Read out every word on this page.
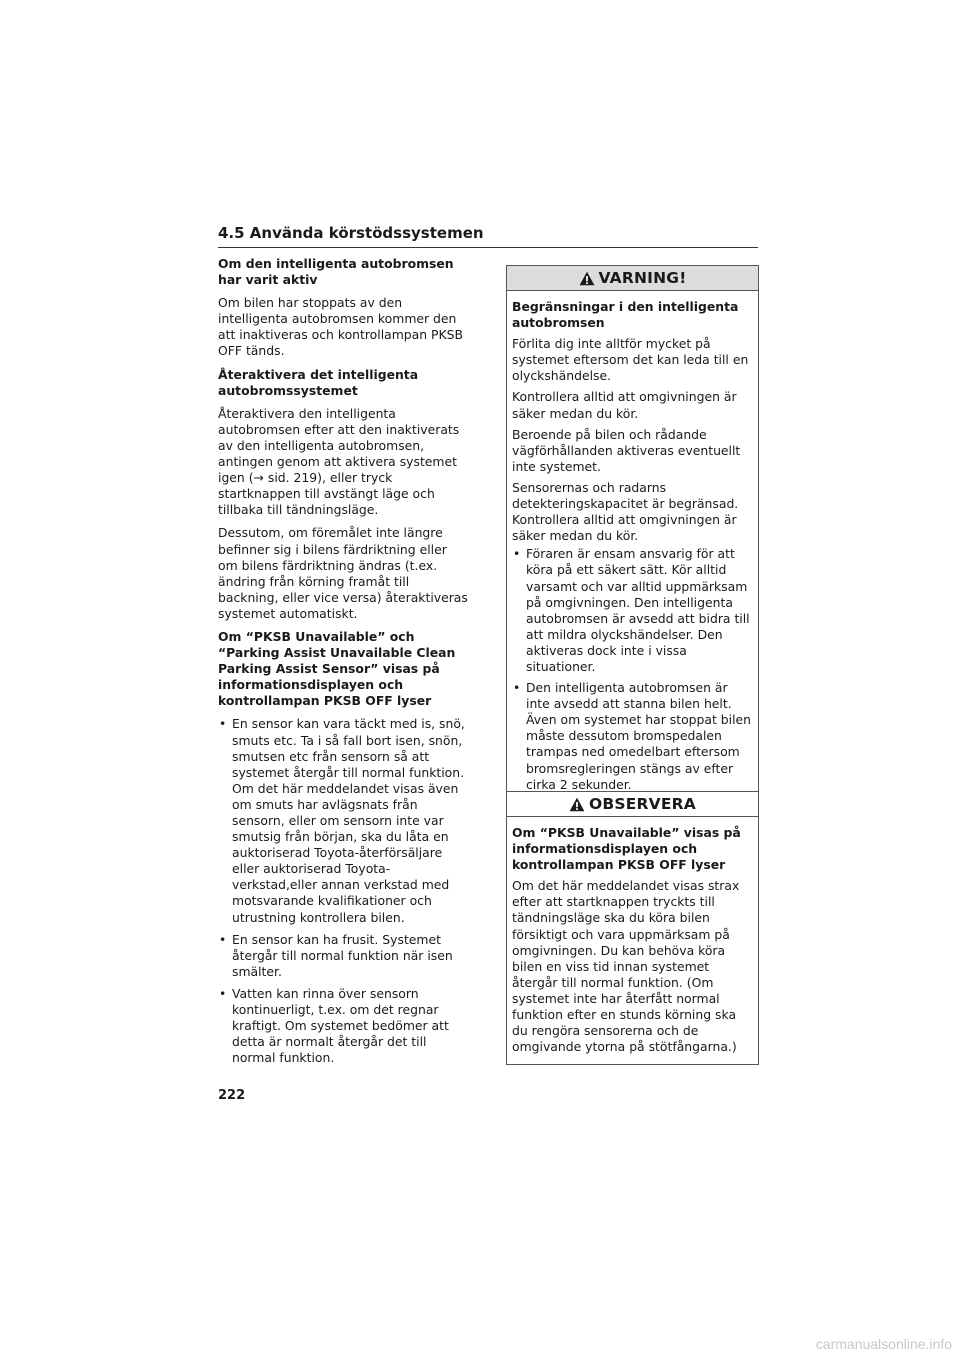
4.5 Använda körstödssystemen
Om den intelligenta autobromsen har varit aktiv

Om bilen har stoppats av den intelligenta autobromsen kommer den att inaktiveras och kontrollampan PKSB OFF tänds.

Återaktivera det intelligenta autobromssystemet

Återaktivera den intelligenta autobromsen efter att den inaktiverats av den intelligenta autobromsen, antingen genom att aktivera systemet igen (→ sid. 219), eller tryck startknappen till avstängt läge och tillbaka till tändningsläge.

Dessutom, om föremålet inte längre befinner sig i bilens färdriktning eller om bilens färdriktning ändras (t.ex. ändring från körning framåt till backning, eller vice versa) återaktiveras systemet automatiskt.

Om “PKSB Unavailable” och “Parking Assist Unavailable Clean Parking Assist Sensor” visas på informationsdisplayen och kontrollampan PKSB OFF lyser
• En sensor kan vara täckt med is, snö, smuts etc. Ta i så fall bort isen, snön, smutsen etc från sensorn så att systemet återgår till normal funktion. Om det här meddelandet visas även om smuts har avlägsnats från sensorn, eller om sensorn inte var smutsig från början, ska du låta en auktoriserad Toyota-återförsäljare eller auktoriserad Toyota-verkstad,eller annan verkstad med motsvarande kvalifikationer och utrustning kontrollera bilen.
• En sensor kan ha frusit. Systemet återgår till normal funktion när isen smälter.
• Vatten kan rinna över sensorn kontinuerligt, t.ex. om det regnar kraftigt. Om systemet bedömer att detta är normalt återgår det till normal funktion.
VARNING!
Begränsningar i den intelligenta autobromsen

Förlita dig inte alltför mycket på systemet eftersom det kan leda till en olyckshändelse.

Kontrollera alltid att omgivningen är säker medan du kör.

Beroende på bilen och rådande vägförhållanden aktiveras eventuellt inte systemet.

Sensorernas och radarns detekteringskapacitet är begränsad. Kontrollera alltid att omgivningen är säker medan du kör.

• Föraren är ensam ansvarig för att köra på ett säkert sätt. Kör alltid varsamt och var alltid uppmärksam på omgivningen. Den intelligenta autobromsen är avsedd att bidra till att mildra olyckshändelser. Den aktiveras dock inte i vissa situationer.
• Den intelligenta autobromsen är inte avsedd att stanna bilen helt. Även om systemet har stoppat bilen måste dessutom bromspedalen trampas ned omedelbart eftersom bromsregleringen stängs av efter cirka 2 sekunder.
OBSERVERA
Om “PKSB Unavailable” visas på informationsdisplayen och kontrollampan PKSB OFF lyser

Om det här meddelandet visas strax efter att startknappen tryckts till tändningsläge ska du köra bilen försiktigt och vara uppmärksam på omgivningen. Du kan behöva köra bilen en viss tid innan systemet återgår till normal funktion. (Om systemet inte har återfått normal funktion efter en stunds körning ska du rengöra sensorerna och de omgivande ytorna på stötfångarna.)

222
carmanualsonline.info
